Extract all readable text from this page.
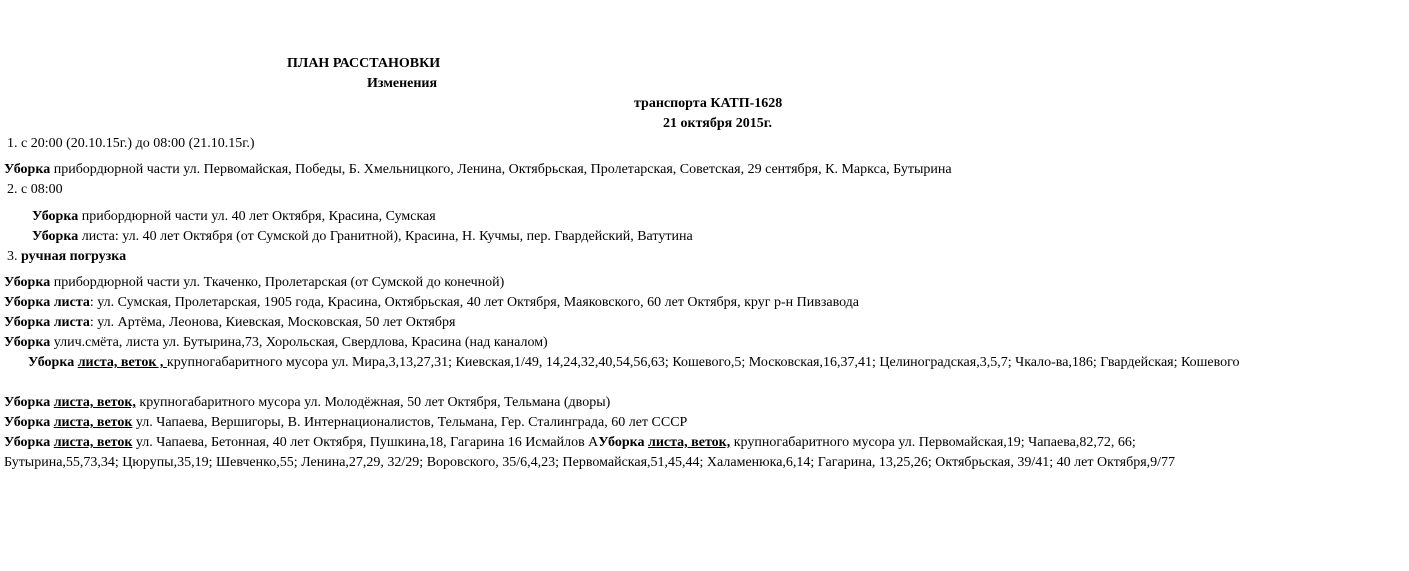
ПЛАН РАССТАНОВКИ
Изменения
транспорта КАТП-1628
21 октября 2015г.
1. с 20:00 (20.10.15г.) до 08:00 (21.10.15г.)
Уборка прибордюрной части ул. Первомайская, Победы, Б. Хмельницкого, Ленина, Октябрьская, Пролетарская, Советская, 29 сентября, К. Маркса, Бутырина
2. с 08:00
Уборка прибордюрной части ул. 40 лет Октября, Красина, Сумская
Уборка листа: ул. 40 лет Октября (от Сумской до Гранитной), Красина, Н. Кучмы, пер. Гвардейский, Ватутина
3. ручная погрузка
Уборка прибордюрной части ул. Ткаченко, Пролетарская (от Сумской до конечной)
Уборка листа: ул. Сумская, Пролетарская, 1905 года, Красина, Октябрьская, 40 лет Октября, Маяковского, 60 лет Октября, круг р-н Пивзавода
Уборка листа: ул. Артёма, Леонова, Киевская, Московская, 50 лет Октября
Уборка улич.смёта, листа ул. Бутырина,73, Хорольская, Свердлова, Красина (над каналом)
Уборка листа, веток , крупногабаритного мусора ул. Мира,3,13,27,31; Киевская,1/49, 14,24,32,40,54,56,63; Кошевого,5; Московская,16,37,41; Целиноградская,3,5,7; Чкало-ва,186; Гвардейская; Кошевого
Уборка листа, веток, крупногабаритного мусора ул. Молодёжная, 50 лет Октября, Тельмана (дворы)
Уборка листа, веток ул. Чапаева, Вершигоры, В. Интернационалистов, Тельмана, Гер. Сталинграда, 60 лет СССР
Уборка листа, веток ул. Чапаева, Бетонная, 40 лет Октября, Пушкина,18, Гагарина 16 Исмайлов АУборка листа, веток, крупногабаритного мусора ул. Первомайская,19; Чапаева,82,72, 66;
Бутырина,55,73,34; Цюрупы,35,19; Шевченко,55; Ленина,27,29, 32/29; Воровского, 35/6,4,23; Первомайская,51,45,44; Халаменюка,6,14; Гагарина, 13,25,26; Октябрьская, 39/41; 40 лет Октября,9/77
